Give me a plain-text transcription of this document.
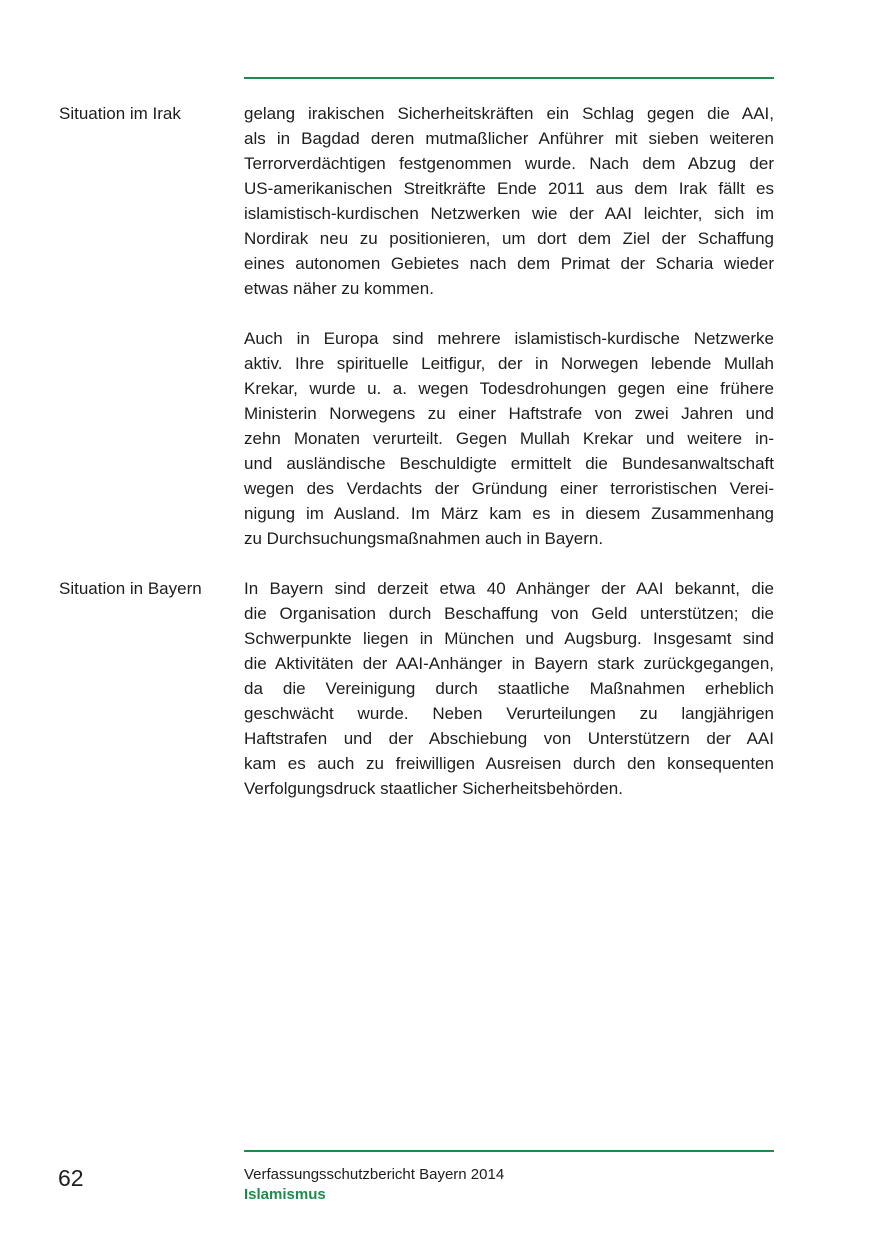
Situation im Irak	gelang irakischen Sicherheitskräften ein Schlag gegen die AAI,
als in Bagdad deren mutmaßlicher Anführer mit sieben weiteren
Terrorverdächtigen festgenommen wurde. Nach dem Abzug der
US-amerikanischen Streitkräfte Ende 2011 aus dem Irak fällt es
islamistisch-kurdischen Netzwerken wie der AAI leichter, sich im
Nordirak neu zu positionieren, um dort dem Ziel der Schaffung
eines autonomen Gebietes nach dem Primat der Scharia wieder
etwas näher zu kommen.
Auch in Europa sind mehrere islamistisch-kurdische Netzwerke
aktiv. Ihre spirituelle Leitfigur, der in Norwegen lebende Mullah
Krekar, wurde u. a. wegen Todesdrohungen gegen eine frühere
Ministerin Norwegens zu einer Haftstrafe von zwei Jahren und
zehn Monaten verurteilt. Gegen Mullah Krekar und weitere in-
und ausländische Beschuldigte ermittelt die Bundesanwaltschaft
wegen des Verdachts der Gründung einer terroristischen Verei-
nigung im Ausland. Im März kam es in diesem Zusammenhang
zu Durchsuchungsmaßnahmen auch in Bayern.
Situation in Bayern	In Bayern sind derzeit etwa 40 Anhänger der AAI bekannt, die
die Organisation durch Beschaffung von Geld unterstützen; die
Schwerpunkte liegen in München und Augsburg. Insgesamt sind
die Aktivitäten der AAI-Anhänger in Bayern stark zurückgegangen,
da die Vereinigung durch staatliche Maßnahmen erheblich
geschwächt wurde. Neben Verurteilungen zu langjährigen
Haftstrafen und der Abschiebung von Unterstützern der AAI
kam es auch zu freiwilligen Ausreisen durch den konsequenten
Verfolgungsdruck staatlicher Sicherheitsbehörden.
62	Verfassungsschutzbericht Bayern 2014
Islamismus
